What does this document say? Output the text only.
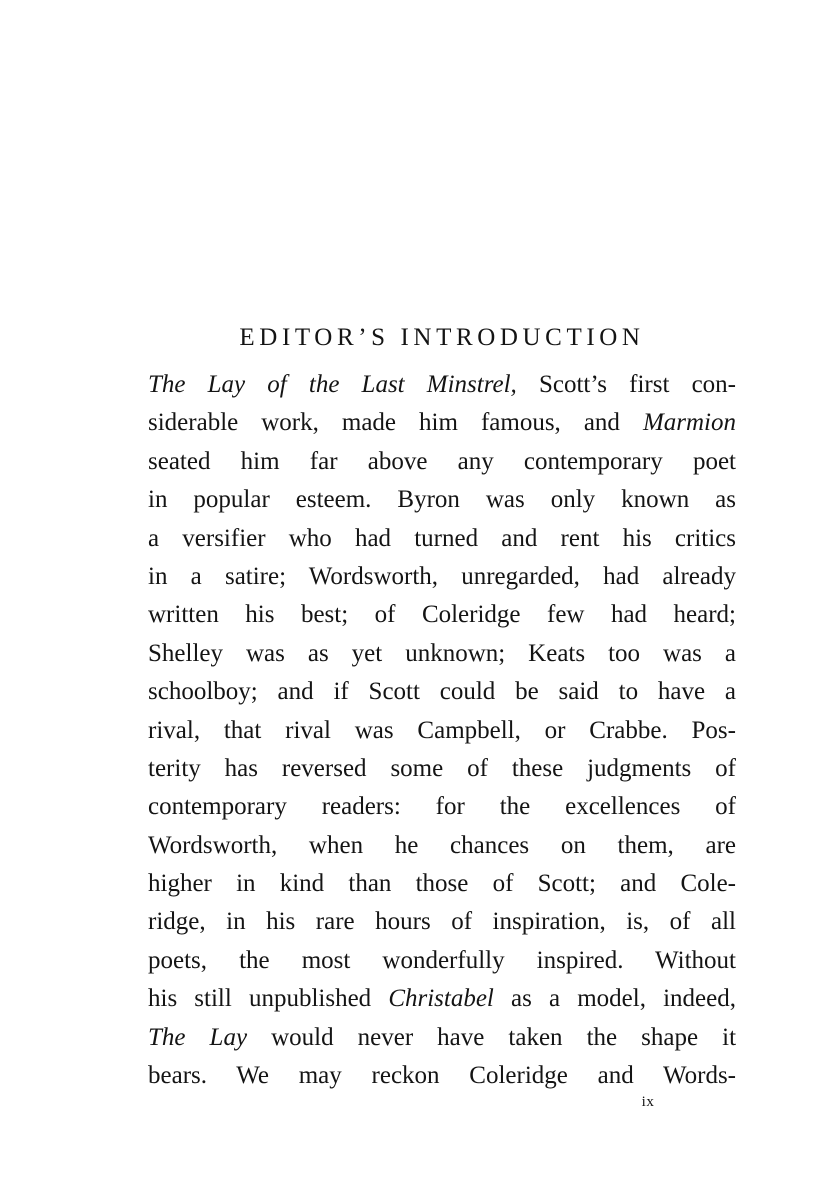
EDITOR’S INTRODUCTION
The Lay of the Last Minstrel, Scott’s first con-
siderable work, made him famous, and Marmion
seated him far above any contemporary poet
in popular esteem. Byron was only known as
a versifier who had turned and rent his critics
in a satire; Wordsworth, unregarded, had already
written his best; of Coleridge few had heard;
Shelley was as yet unknown; Keats too was a
schoolboy; and if Scott could be said to have a
rival, that rival was Campbell, or Crabbe. Pos-
terity has reversed some of these judgments of
contemporary readers: for the excellences of
Wordsworth, when he chances on them, are
higher in kind than those of Scott; and Cole-
ridge, in his rare hours of inspiration, is, of all
poets, the most wonderfully inspired. Without
his still unpublished Christabel as a model, indeed,
The Lay would never have taken the shape it
bears. We may reckon Coleridge and Words-
ix
